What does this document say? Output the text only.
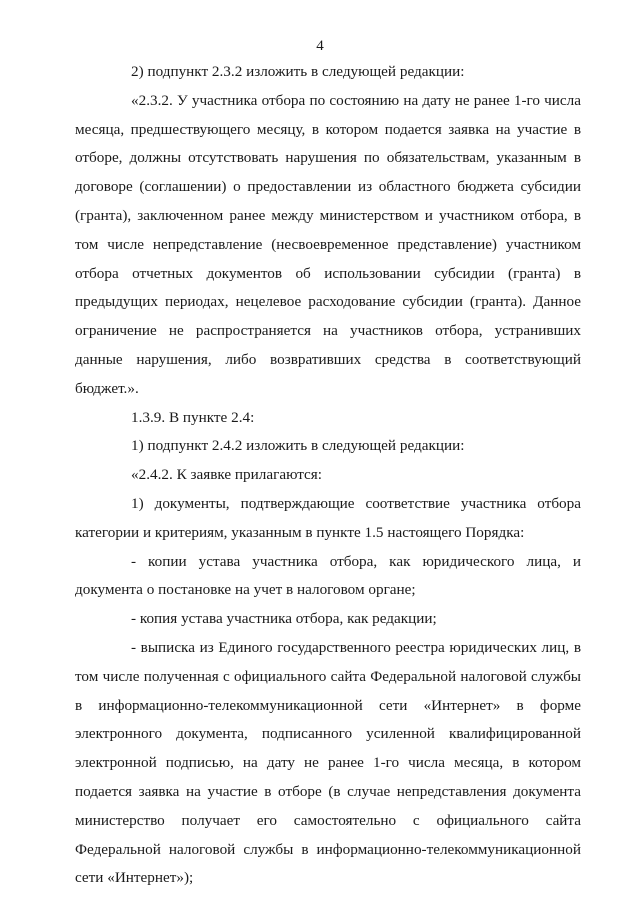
4

2) подпункт 2.3.2 изложить в следующей редакции:

«2.3.2. У участника отбора по состоянию на дату не ранее 1-го числа месяца, предшествующего месяцу, в котором подается заявка на участие в отборе, должны отсутствовать нарушения по обязательствам, указанным в договоре (соглашении) о предоставлении из областного бюджета субсидии (гранта), заключенном ранее между министерством и участником отбора, в том числе непредставление (несвоевременное представление) участником отбора отчетных документов об использовании субсидии (гранта) в предыдущих периодах, нецелевое расходование субсидии (гранта). Данное ограничение не распространяется на участников отбора, устранивших данные нарушения, либо возвративших средства в соответствующий бюджет.».

1.3.9. В пункте 2.4:

1) подпункт 2.4.2 изложить в следующей редакции:

«2.4.2. К заявке прилагаются:

1) документы, подтверждающие соответствие участника отбора категории и критериям, указанным в пункте 1.5 настоящего Порядка:

- копии устава участника отбора, как юридического лица, и документа о постановке на учет в налоговом органе;

- копия устава участника отбора, как редакции;

- выписка из Единого государственного реестра юридических лиц, в том числе полученная с официального сайта Федеральной налоговой службы в информационно-телекоммуникационной сети «Интернет» в форме электронного документа, подписанного усиленной квалифицированной электронной подписью, на дату не ранее 1-го числа месяца, в котором подается заявка на участие в отборе (в случае непредставления документа министерство получает его самостоятельно с официального сайта Федеральной налоговой службы в информационно-телекоммуникационной сети «Интернет»);
